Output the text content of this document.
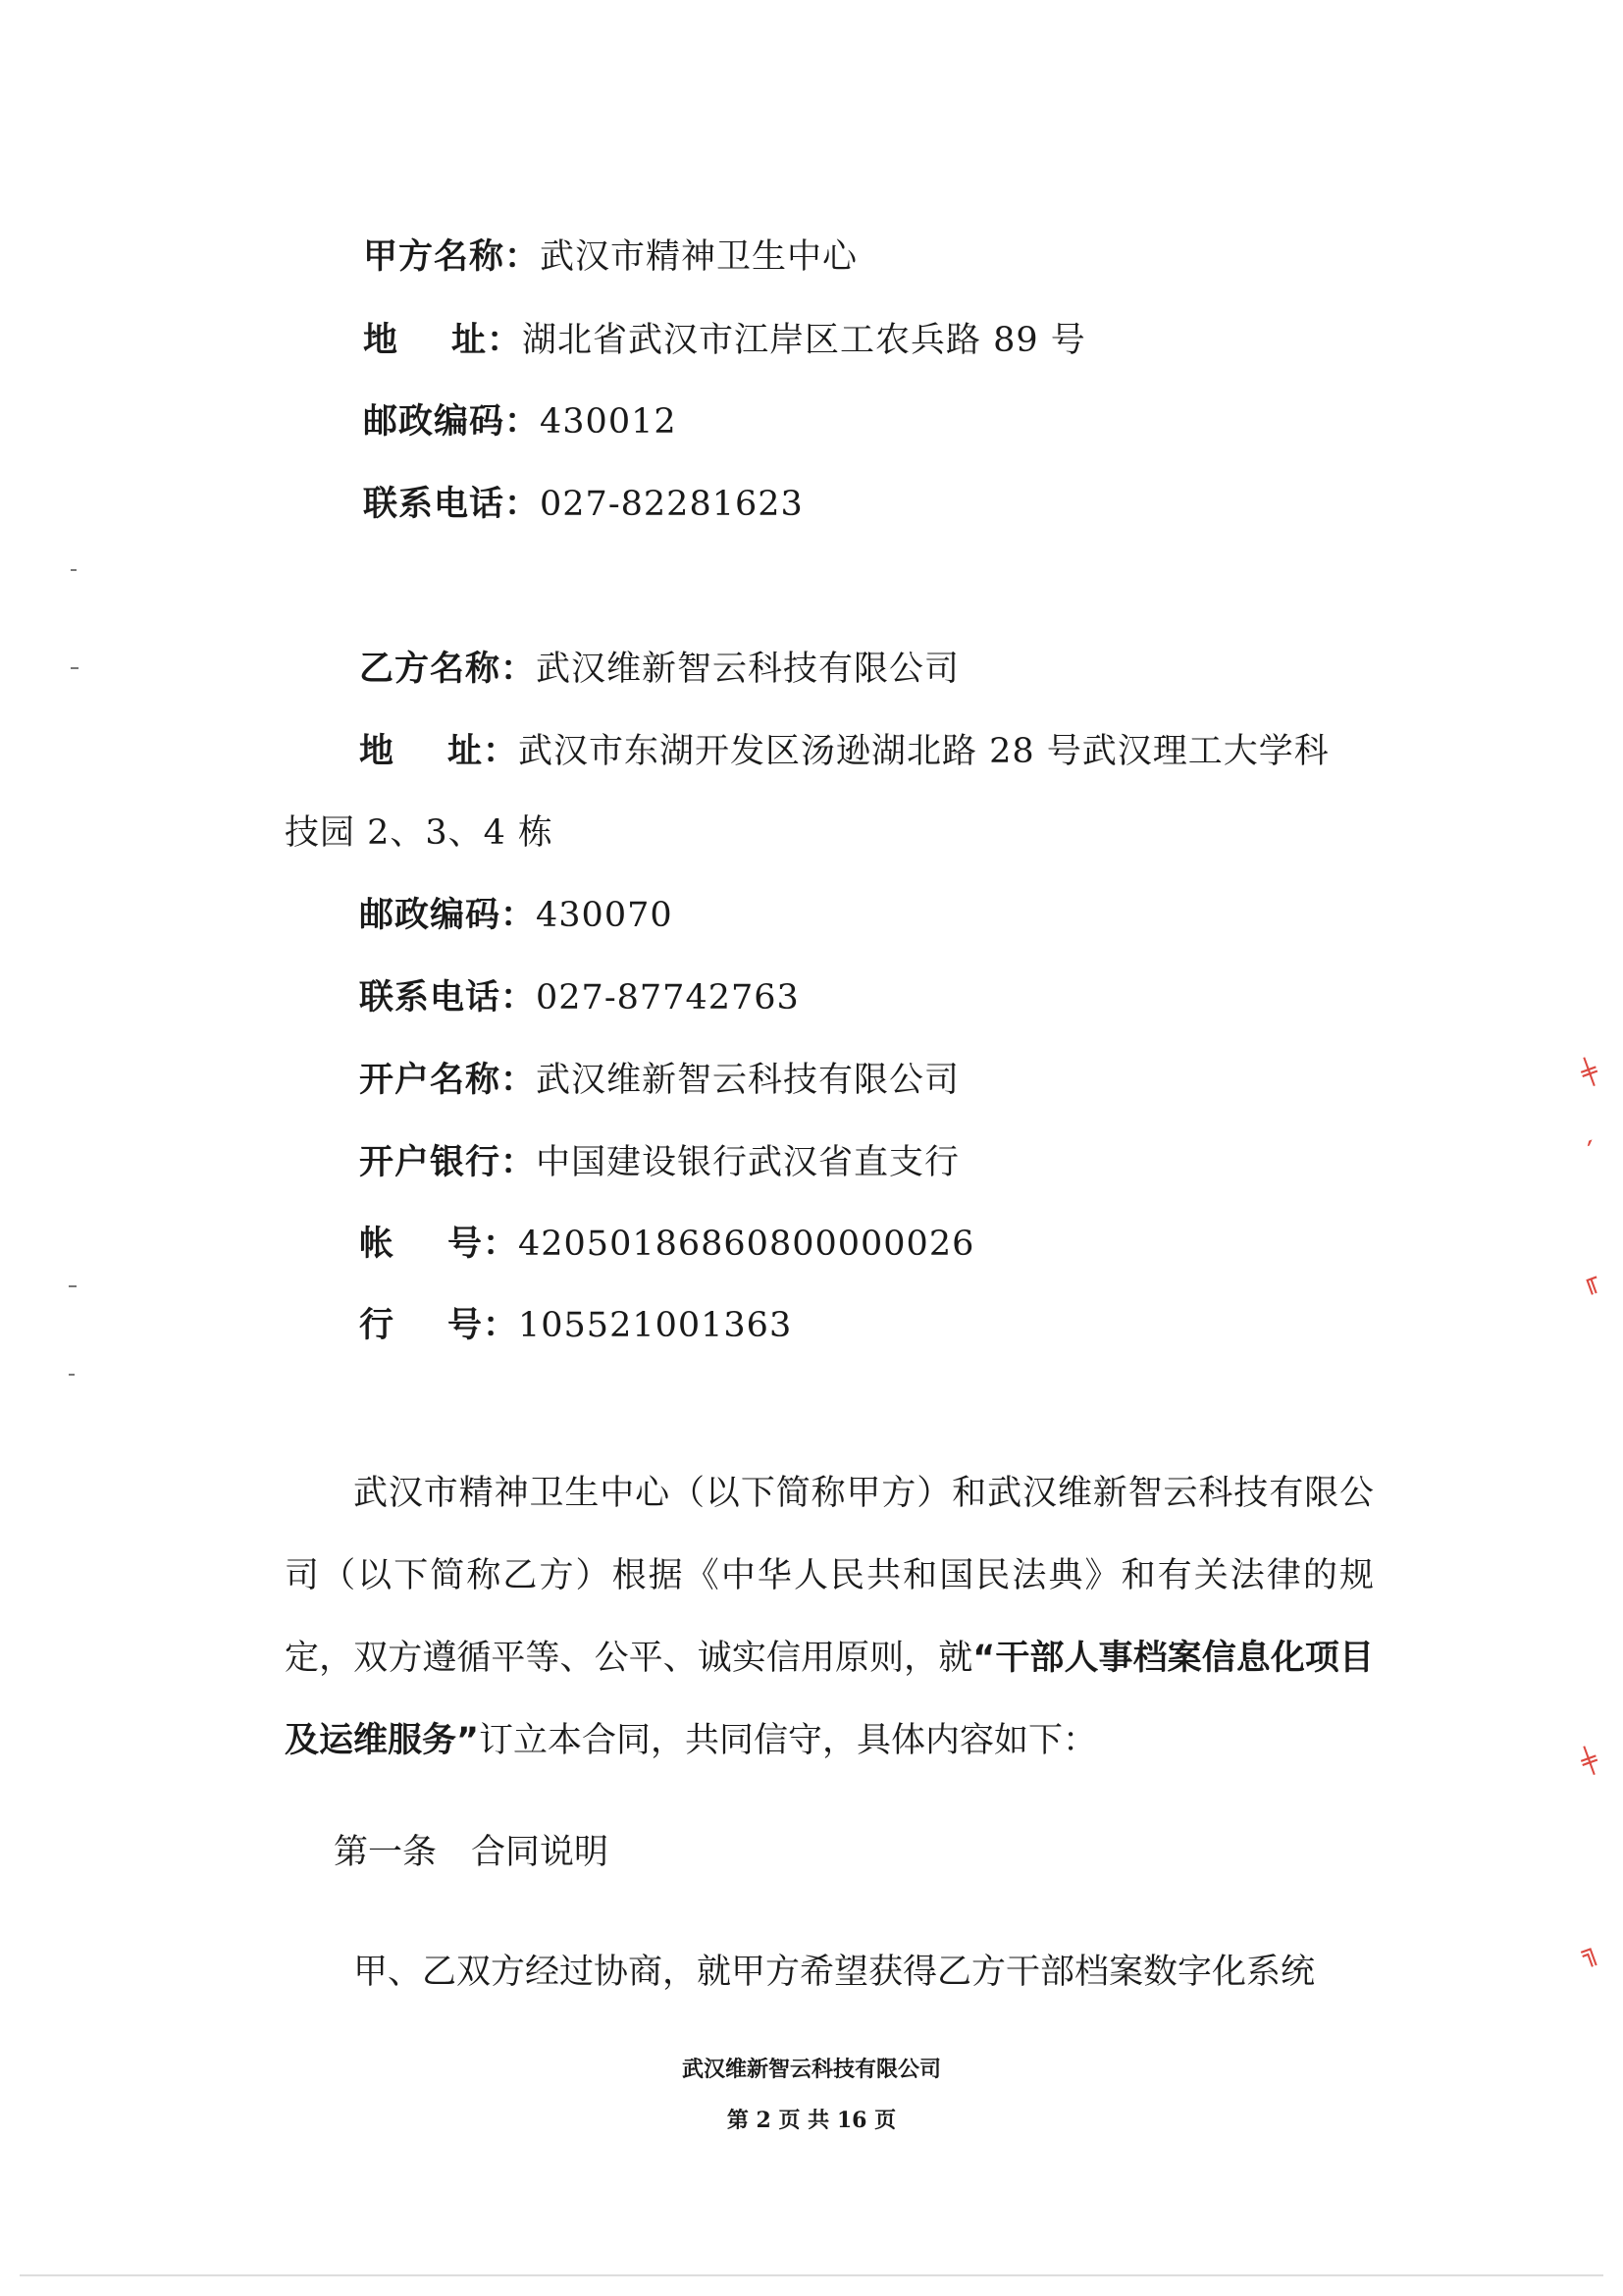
甲方名称：武汉市精神卫生中心
地 址： 湖北省武汉市江岸区工农兵路 89 号
邮政编码：430012
联系电话：027-82281623
乙方名称：武汉维新智云科技有限公司
地 址： 武汉市东湖开发区汤逊湖北路 28 号武汉理工大学科
技园 2、3、4 栋
邮政编码：430070
联系电话：027-87742763
开户名称：武汉维新智云科技有限公司
开户银行：中国建设银行武汉省直支行
帐 号： 42050186860800000026
行 号： 105521001363
武汉市精神卫生中心（以下简称甲方）和武汉维新智云科技有限公司（以下简称乙方）根据《中华人民共和国民法典》和有关法律的规定，双方遵循平等、公平、诚实信用原则，就“干部人事档案信息化项目及运维服务”订立本合同，共同信守，具体内容如下：
第一条　合同说明
甲、乙双方经过协商，就甲方希望获得乙方干部档案数字化系统
武汉维新智云科技有限公司
第 2 页 共 16 页
╪
ˊ
╓
╪
╗
